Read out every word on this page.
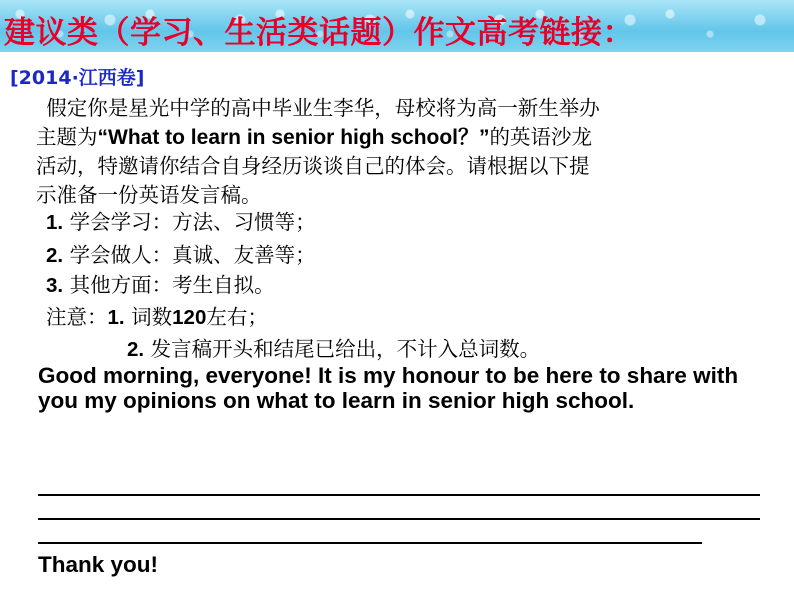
建议类（学习、生活类话题）作文高考链接：
[2014·江西卷]
 假定你是星光中学的高中毕业生李华，母校将为高一新生举办
主题为“What to learn in senior high school？”的英语沙龙
活动，特邀请你结合自身经历谈谈自己的体会。请根据以下提
示准备一份英语发言稿。
1. 学会学习：方法、习惯等；
2. 学会做人：真诚、友善等；
3. 其他方面：考生自拟。
注意：1. 词数120左右；
2. 发言稿开头和结尾已给出，不计入总词数。
Good morning, everyone! It is my honour to be here to share with you my opinions on what to learn in senior high school.
Thank you!
